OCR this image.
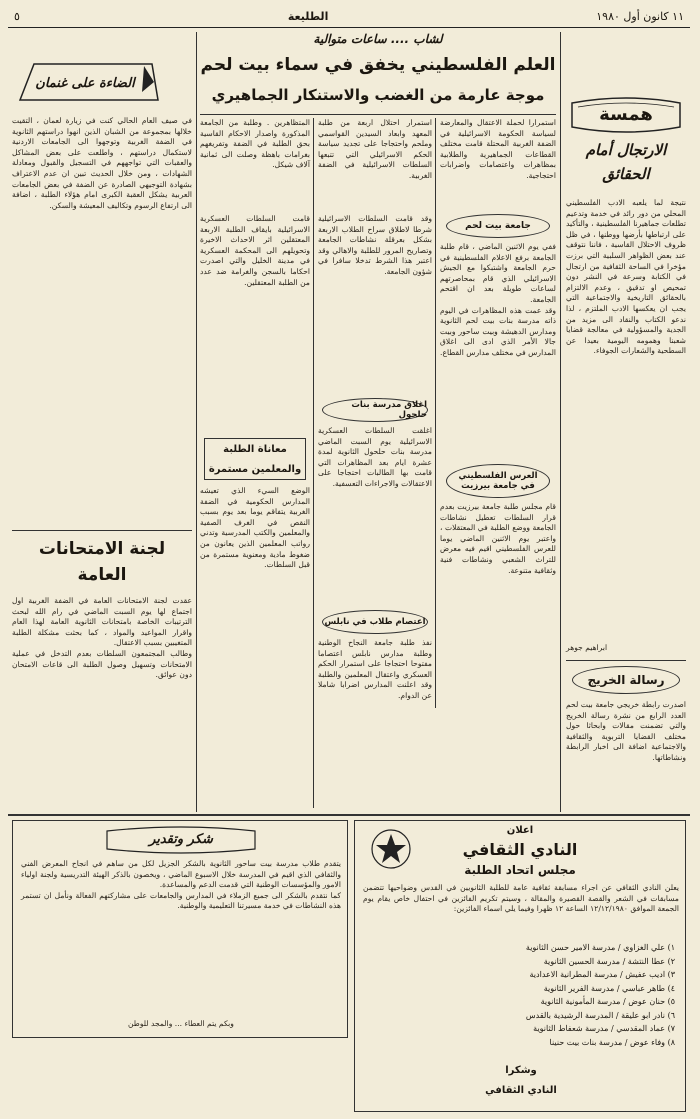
١١ كانون أول ١٩٨٠
الطليعة
٥
همسة
الارتجال أمام الحقائق
نتيجة لما يلعبه الادب الفلسطيني المحلي من دور رائد في خدمة وتدعيم تطلعات جماهيرنا الفلسطينية ، والتأكيد على ارتباطها بأرضها ووطنها ، في ظل ظروف الاحتلال القاسية ، فاننا نتوقف عند بعض الظواهر السلبية التي برزت مؤخرا في الساحة الثقافية من ارتجال في الكتابة وسرعة في النشر دون تمحيص او تدقيق ، وعدم الالتزام بالحقائق التاريخية والاجتماعية التي يجب ان يعكسها الادب الملتزم ، لذا ندعو الكتاب والنقاد الى مزيد من الجدية والمسؤولية في معالجة قضايا شعبنا وهمومه اليومية بعيدا عن السطحية والشعارات الجوفاء.
ابراهيم جوهر
رسالة الخريج
اصدرت رابطة خريجي جامعة بيت لحم العدد الرابع من نشرة رسالة الخريج والتي تضمنت مقالات وابحاثا حول مختلف القضايا التربوية والثقافية والاجتماعية اضافة الى اخبار الرابطة ونشاطاتها.
لشاب .... ساعات متوالية
العلم الفلسطيني يخفق في سماء بيت لحم
موجة عارمة من الغضب والاستنكار الجماهيري
استمرارا لحملة الاعتقال والمعارضة لسياسة الحكومة الاسرائيلية في الضفة الغربية المحتلة قامت مختلف القطاعات الجماهيرية والطلابية بمظاهرات واعتصامات واضرابات احتجاجية.
جامعة بيت لحم
ففي يوم الاثنين الماضي ، قام طلبة الجامعة برفع الاعلام الفلسطينية في حرم الجامعة واشتبكوا مع الجيش الاسرائيلي الذي قام بمحاصرتهم لساعات طويلة بعد ان اقتحم الجامعة.
وقد عمت هذه المظاهرات في اليوم ذاته مدرسة بنات بيت لحم الثانوية ومدارس الدهيشة وبيت ساحور وبيت جالا الأمر الذي ادى الى اغلاق المدارس في مختلف مدارس القطاع.
العرس الفلسطيني في جامعة بيرزيت
قام مجلس طلبة جامعة بيرزيت بعدم قرار السلطات تعطيل نشاطات الجامعة ووضع الطلبة في المعتقلات ، واعتبر يوم الاثنين الماضي يوما للعرس الفلسطيني اقيم فيه معرض للتراث الشعبي ونشاطات فنية وثقافية متنوعة.
استمرار احتلال اربعة من طلبة المعهد وابعاد السيدين القواسمي وملحم واحتجاجا على تجديد سياسة الحكم الاسرائيلي التي تتبعها السلطات الاسرائيلية في الضفة الغربية.
وقد قامت السلطات الاسرائيلية شرطا لاطلاق سراح الطلاب الاربعة بشكل بعرقلة نشاطات الجامعة وتصاريح المرور للطلبة والاهالي وقد اعتبر هذا الشرط تدخلا سافرا في شؤون الجامعة.
اغلاق مدرسة بنات حلحول
اغلقت السلطات العسكرية الاسرائيلية يوم السبت الماضي مدرسة بنات حلحول الثانوية لمدة عشرة ايام بعد المظاهرات التي قامت بها الطالبات احتجاجا على الاعتقالات والاجراءات التعسفية.
اعتصام طلاب في نابلس
نفذ طلبة جامعة النجاح الوطنية وطلبة مدارس نابلس اعتصاما مفتوحا احتجاجا على استمرار الحكم العسكري واعتقال المعلمين والطلبة وقد اعلنت المدارس اضرابا شاملا عن الدوام.
المتظاهرين . وطلبة من الجامعة المذكورة واصدار الاحكام القاسية بحق الطلبة في الضفة وتفريغهم بغرامات باهظة وصلت الى ثمانية آلاف شيكل.
قامت السلطات العسكرية الاسرائيلية بايقاف الطلبة الاربعة المعتقلين اثر الاحداث الاخيرة وتحويلهم الى المحكمة العسكرية في مدينة الخليل والتي اصدرت احكاما بالسجن والغرامة ضد عدد من الطلبة المعتقلين.
معاناة الطلبة والمعلمين مستمرة
الوضع السيء الذي تعيشه المدارس الحكومية في الضفة الغربية يتفاقم يوما بعد يوم بسبب النقص في الغرف الصفية والمعلمين والكتب المدرسية وتدني رواتب المعلمين الذين يعانون من ضغوط مادية ومعنوية مستمرة من قبل السلطات.
الضاءة على غنمان
في صيف العام الحالي كنت في زيارة لعمان ، التقيت خلالها بمجموعة من الشبان الذين انهوا دراستهم الثانوية في الضفة الغربية وتوجهوا الى الجامعات الاردنية لاستكمال دراستهم ، واطلعت على بعض المشاكل والعقبات التي تواجههم في التسجيل والقبول ومعادلة الشهادات ، ومن خلال الحديث تبين ان عدم الاعتراف بشهادة التوجيهي الصادرة عن الضفة في بعض الجامعات العربية يشكل العقبة الكبرى امام هؤلاء الطلبة ، اضافة الى ارتفاع الرسوم وتكاليف المعيشة والسكن.
لجنة الامتحانات العامة
عقدت لجنة الامتحانات العامة في الضفة الغربية اول اجتماع لها يوم السبت الماضي في رام الله لبحث الترتيبات الخاصة بامتحانات الثانوية العامة لهذا العام واقرار المواعيد والمواد ، كما بحثت مشكلة الطلبة المتغيبين بسبب الاعتقال.
وطالب المجتمعون السلطات بعدم التدخل في عملية الامتحانات وتسهيل وصول الطلبة الى قاعات الامتحان دون عوائق.
شكر وتقدير
يتقدم طلاب مدرسة بيت ساحور الثانوية بالشكر الجزيل لكل من ساهم في انجاح المعرض الفني والثقافي الذي اقيم في المدرسة خلال الاسبوع الماضي ، ويخصون بالذكر الهيئة التدريسية ولجنة اولياء الامور والمؤسسات الوطنية التي قدمت الدعم والمساعدة.
كما نتقدم بالشكر الى جميع الزملاء في المدارس والجامعات على مشاركتهم الفعالة ونأمل ان تستمر هذه النشاطات في خدمة مسيرتنا التعليمية والوطنية.
وبكم يتم العطاء ... والمجد للوطن
اعلان
النادي الثقافي
مجلس اتحاد الطلبة
يعلن النادي الثقافي عن اجراء مسابقة ثقافية عامة للطلبة الثانويين في القدس وضواحيها تتضمن مسابقات في الشعر والقصة القصيرة والمقالة ، وسيتم تكريم الفائزين في احتفال خاص يقام يوم الجمعة الموافق ١٢/١٢/١٩٨٠ الساعة ١٢ ظهرا وفيما يلي اسماء الفائزين:
١) علي الغزاوي / مدرسة الامير حسن الثانوية
٢) عطا النتشة / مدرسة الحسين الثانوية
٣) اديب عفيش / مدرسة المطرانية الاعدادية
٤) طاهر عباسي / مدرسة الفرير الثانوية
٥) حنان عوض / مدرسة المأمونية الثانوية
٦) نادر ابو عليقة / المدرسة الرشيدية بالقدس
٧) عماد المقدسي / مدرسة شعفاط الثانوية
٨) وفاء عوض / مدرسة بنات بيت حنينا
وشكرا
النادي الثقافي
